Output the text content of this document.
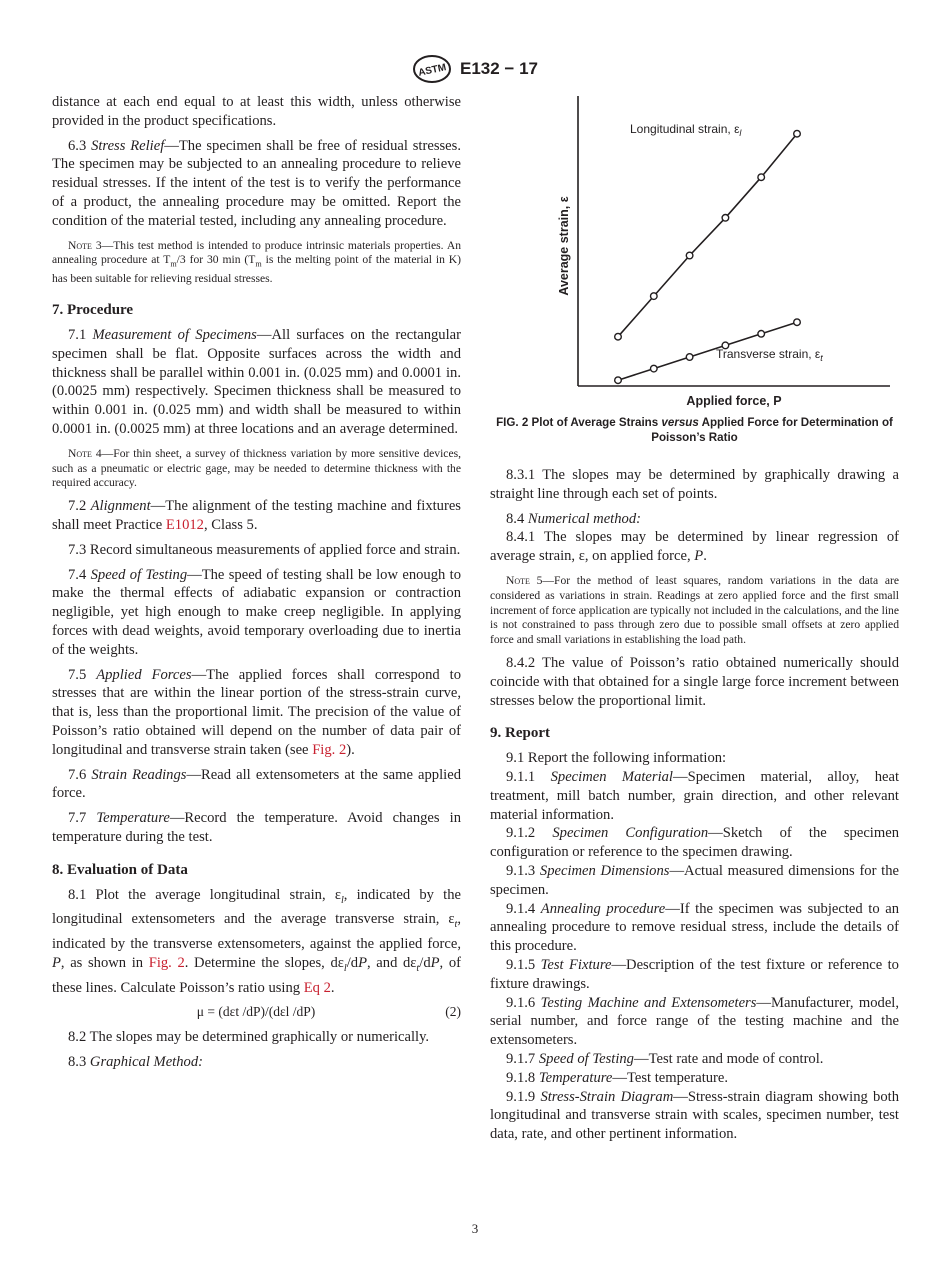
ASTM E132 − 17

distance at each end equal to at least this width, unless otherwise provided in the product specifications.

6.3 Stress Relief—The specimen shall be free of residual stresses. The specimen may be subjected to an annealing procedure to relieve residual stresses. If the intent of the test is to verify the performance of a product, the annealing procedure may be omitted. Report the condition of the material tested, including any annealing procedure.

Note 3—This test method is intended to produce intrinsic materials properties. An annealing procedure at $T_m/3$ for 30 $\min (T_m$ is the melting point of the material in K) has been suitable for relieving residual stresses.

7. Procedure

7.1 Measurement of Specimens—All surfaces on the rectangular specimen shall be flat. Opposite surfaces across the width and thickness shall be parallel within 0.001 in. (0.025 mm) and 0.0001 in. (0.0025 mm) respectively. Specimen thickness shall be measured to within 0.001 in. (0.025 mm) and width shall be measured to within 0.0001 in. (0.0025 mm) at three locations and an average determined.

Note 4—For thin sheet, a survey of thickness variation by more sensitive devices, such as a pneumatic or electric gage, may be needed to determine thickness with the required accuracy.

7.2 Alignment—The alignment of the testing machine and fixtures shall meet Practice E1012, Class 5.

7.3 Record simultaneous measurements of applied force and strain.

7.4 Speed of Testing—The speed of testing shall be low enough to make the thermal effects of adiabatic expansion or contraction negligible, yet high enough to make creep negligible. In applying forces with dead weights, avoid temporary overloading due to inertia of the weights.

7.5 Applied Forces—The applied forces shall correspond to stresses that are within the linear portion of the stress-strain curve, that is, less than the proportional limit. The precision of the value of Poisson’s ratio obtained will depend on the number of data pair of longitudinal and transverse strain taken (see Fig. 2).

7.6 Strain Readings—Read all extensometers at the same applied force.

7.7 Temperature—Record the temperature. Avoid changes in temperature during the test.

8. Evaluation of Data

8.1 Plot the average longitudinal strain, $\varepsilon_l$, indicated by the longitudinal extensometers and the average transverse strain, $\varepsilon_t$, indicated by the transverse extensometers, against the applied force, P, as shown in Fig. 2. Determine the slopes, $d\varepsilon_l/dP$, and $d\varepsilon_t/dP$, of these lines. Calculate Poisson’s ratio using Eq 2.

μ = (dεt /dP)/(dεl /dP)	(2)

8.2 The slopes may be determined graphically or numerically.

8.3 Graphical Method:

Average strain, ε
Longitudinal strain, $\varepsilon_l$
Transverse strain, $\varepsilon_t$
Applied force, P

FIG. 2 Plot of Average Strains versus Applied Force for Determination of Poisson’s Ratio

8.3.1 The slopes may be determined by graphically drawing a straight line through each set of points.

8.4 Numerical method:

8.4.1 The slopes may be determined by linear regression of average strain, ε, on applied force, P.

Note 5—For the method of least squares, random variations in the data are considered as variations in strain. Readings at zero applied force and the first small increment of force application are typically not included in the calculations, and the line is not constrained to pass through zero due to possible small offsets at zero applied force and small variations in establishing the load path.

8.4.2 The value of Poisson’s ratio obtained numerically should coincide with that obtained for a single large force increment between stresses below the proportional limit.

9. Report

9.1 Report the following information:

9.1.1 Specimen Material—Specimen material, alloy, heat treatment, mill batch number, grain direction, and other relevant material information.

9.1.2 Specimen Configuration—Sketch of the specimen configuration or reference to the specimen drawing.

9.1.3 Specimen Dimensions—Actual measured dimensions for the specimen.

9.1.4 Annealing procedure—If the specimen was subjected to an annealing procedure to remove residual stress, include the details of this procedure.

9.1.5 Test Fixture—Description of the test fixture or reference to fixture drawings.

9.1.6 Testing Machine and Extensometers—Manufacturer, model, serial number, and force range of the testing machine and the extensometers.

9.1.7 Speed of Testing—Test rate and mode of control.

9.1.8 Temperature—Test temperature.

9.1.9 Stress-Strain Diagram—Stress-strain diagram showing both longitudinal and transverse strain with scales, specimen number, test data, rate, and other pertinent information.

3
